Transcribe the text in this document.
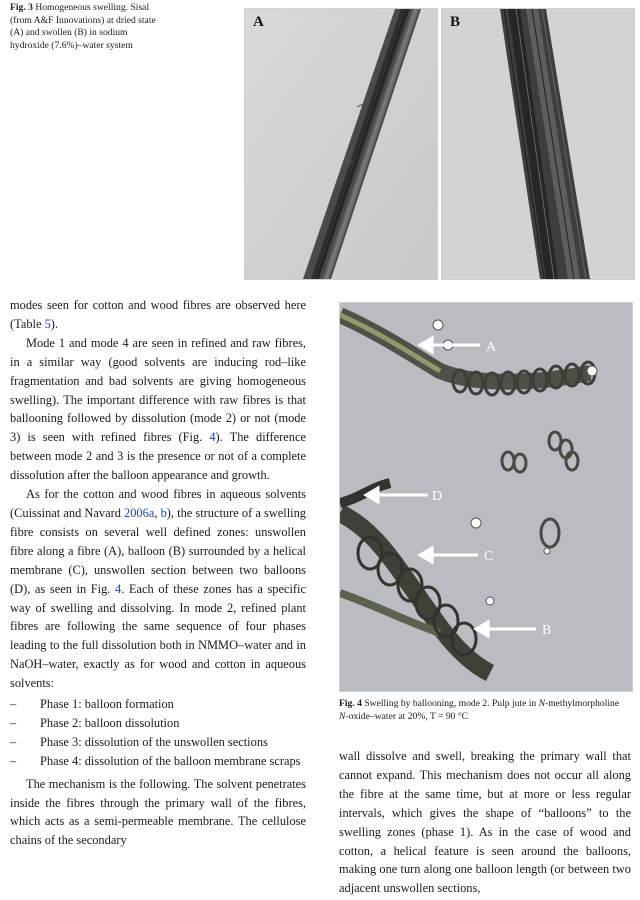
Fig. 3 Homogeneous swelling. Sisal (from A&F Innovations) at dried state (A) and swollen (B) in sodium hydroxide (7.6%)–water system
A	B

modes seen for cotton and wood fibres are observed here (Table 5).

Mode 1 and mode 4 are seen in refined and raw fibres, in a similar way (good solvents are inducing rod–like fragmentation and bad solvents are giving homogeneous swelling). The important difference with raw fibres is that ballooning followed by dissolution (mode 2) or not (mode 3) is seen with refined fibres (Fig. 4). The difference between mode 2 and 3 is the presence or not of a complete dissolution after the balloon appearance and growth.

As for the cotton and wood fibres in aqueous solvents (Cuissinat and Navard 2006a, b), the structure of a swelling fibre consists on several well defined zones: unswollen fibre along a fibre (A), balloon (B) surrounded by a helical membrane (C), unswollen section between two balloons (D), as seen in Fig. 4. Each of these zones has a specific way of swelling and dissolving. In mode 2, refined plant fibres are following the same sequence of four phases leading to the full dissolution both in NMMO–water and in NaOH–water, exactly as for wood and cotton in aqueous solvents:

– Phase 1: balloon formation
– Phase 2: balloon dissolution
– Phase 3: dissolution of the unswollen sections
– Phase 4: dissolution of the balloon membrane scraps

The mechanism is the following. The solvent penetrates inside the fibres through the primary wall of the fibres, which acts as a semi-permeable membrane. The cellulose chains of the secondary

A
D
C
B
Fig. 4 Swelling by ballooning, mode 2. Pulp jute in N-methylmorpholine N-oxide–water at 20%, T = 90 °C

wall dissolve and swell, breaking the primary wall that cannot expand. This mechanism does not occur all along the fibre at the same time, but at more or less regular intervals, which gives the shape of “balloons” to the swelling zones (phase 1). As in the case of wood and cotton, a helical feature is seen around the balloons, making one turn along one balloon length (or between two adjacent unswollen sections,
